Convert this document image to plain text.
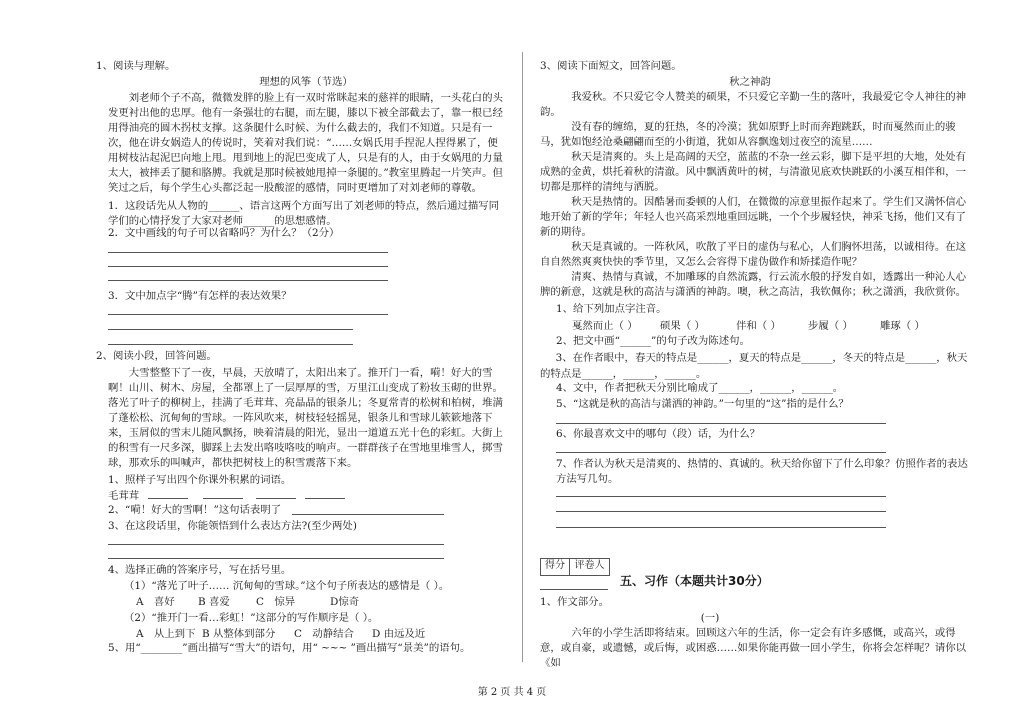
1、阅读与理解。
理想的风筝（节选）
刘老师个子不高，微微发胖的脸上有一双时常眯起来的慈祥的眼睛，一头花白的头发更衬出他的忠厚。他有一条强壮的右腿，而左腿，膝以下被全部截去了，靠一根已经用得油亮的圆木拐杖支撑。这条腿什么时候、为什么截去的，我们不知道。只是有一次，他在讲女娲造人的传说时，笑着对我们说：“……女娲氏用手捏泥人捏得累了，便用树枝沾起泥巴向地上甩。甩到地上的泥巴变成了人，只是有的人，由于女娲甩的力量太大，被摔丢了腿和胳膊。我就是那时候被她甩掉一条腿的。”教室里腾起一片笑声。但笑过之后，每个学生心头都泛起一股酸涩的感情，同时更增加了对刘老师的尊敬。
1．这段话先从人物的______、语言这两个方面写出了刘老师的特点，然后通过描写同学们的心情抒发了大家对老师______的思想感情。
2．文中画线的句子可以省略吗？为什么？（2分）
3．文中加点字“腾”有怎样的表达效果？
2、阅读小段，回答问题。
大雪整整下了一夜，早晨，天放晴了，太阳出来了。推开门一看，嗬！好大的雪啊！山川、树木、房屋，全都罩上了一层厚厚的雪，万里江山变成了粉妆玉砌的世界。落光了叶子的柳树上，挂满了毛茸茸、亮晶晶的银条儿；冬夏常青的松树和柏树，堆满了蓬松松、沉甸甸的雪球。一阵风吹来，树枝轻轻摇晃，银条儿和雪球儿簌簌地落下来，玉屑似的雪末儿随风飘扬，映着清晨的阳光，显出一道道五光十色的彩虹。大街上的积雪有一尺多深，脚踩上去发出咯吱咯吱的响声。一群群孩子在雪地里堆雪人，掷雪球，那欢乐的叫喊声，都快把树枝上的积雪震落下来。
1、照样子写出四个你课外积累的词语。
毛茸茸
2、“嗬！好大的雪啊！”这句话表明了
3、在这段话里，你能领悟到什么表达方法?(至少两处)
4、选择正确的答案序号，写在括号里。
（1）“落光了叶子…… 沉甸甸的雪球。”这个句子所表达的感情是（ ）。
A　喜好 B 喜爱	C　惊异	D惊奇
（2）“推开门一看…彩虹！”这部分的写作顺序是（ ）。
A　从上到下 B 从整体到部分 C　动静结合 D 由远及近
5、用“________”画出描写“雪大”的语句，用“ ~~~ ”画出描写“景美”的语句。
3、阅读下面短文，回答问题。
秋之神韵
我爱秋。不只爱它令人赞美的硕果，不只爱它辛勤一生的落叶，我最爱它令人神往的神韵。
没有春的缠绵，夏的狂热，冬的冷漠；犹如原野上时而奔跑跳跃，时而戛然而止的骏马，犹如饱经沧桑翩翩而至的小街道，犹如从容飘逸划过夜空的流星……
秋天是清爽的。头上是高阔的天空，蓝蓝的不杂一丝云彩，脚下是平坦的大地，处处有成熟的金黄，烘托着秋的清澈。风中飘洒黄叶的树，与清澈见底欢快跳跃的小溪互相伴和，一切都是那样的清纯与洒脱。
秋天是热情的。因酷暑而委顿的人们，在微微的凉意里振作起来了。学生们又满怀信心地开始了新的学年；年轻人也兴高采烈地重回远眺，一个个步履轻快，神采飞扬，他们又有了新的期待。
秋天是真诚的。一阵秋风，吹散了平日的虚伪与私心，人们胸怀坦荡，以诚相待。在这自自然然爽爽快快的季节里，又怎么会容得下虚伪做作和矫揉造作呢？
清爽、热情与真诚，不加雕琢的自然流露，行云流水般的抒发自如，透露出一种沁人心脾的新意，这就是秋的高洁与潇洒的神韵。噢，秋之高洁，我钦佩你；秋之潇洒，我欣赏你。
1、给下列加点字注音。
戛然而止（ ） 硕果（ ）	伴和（ ）	步履（ ）	雕琢（ ）
2、把文中画“______”的句子改为陈述句。
3、在作者眼中，春天的特点是______，夏天的特点是______，冬天的特点是______，秋天的特点是______，______，______。
4、文中，作者把秋天分别比喻成了______，______，______。
5、“这就是秋的高洁与潇洒的神韵。”一句里的“这”指的是什么？
6、你最喜欢文中的哪句（段）话，为什么？
7、作者认为秋天是清爽的、热情的、真诚的。秋天给你留下了什么印象？仿照作者的表达方法写几句。
得分 评卷人
五、习作（本题共计30分）
1、作文部分。
(一)
六年的小学生活即将结束。回顾这六年的生活，你一定会有许多感慨，或高兴，或得意，或自豪，或遗憾，或后悔，或困惑……如果你能再做一回小学生，你将会怎样呢？请你以《如
第 2 页 共 4 页
